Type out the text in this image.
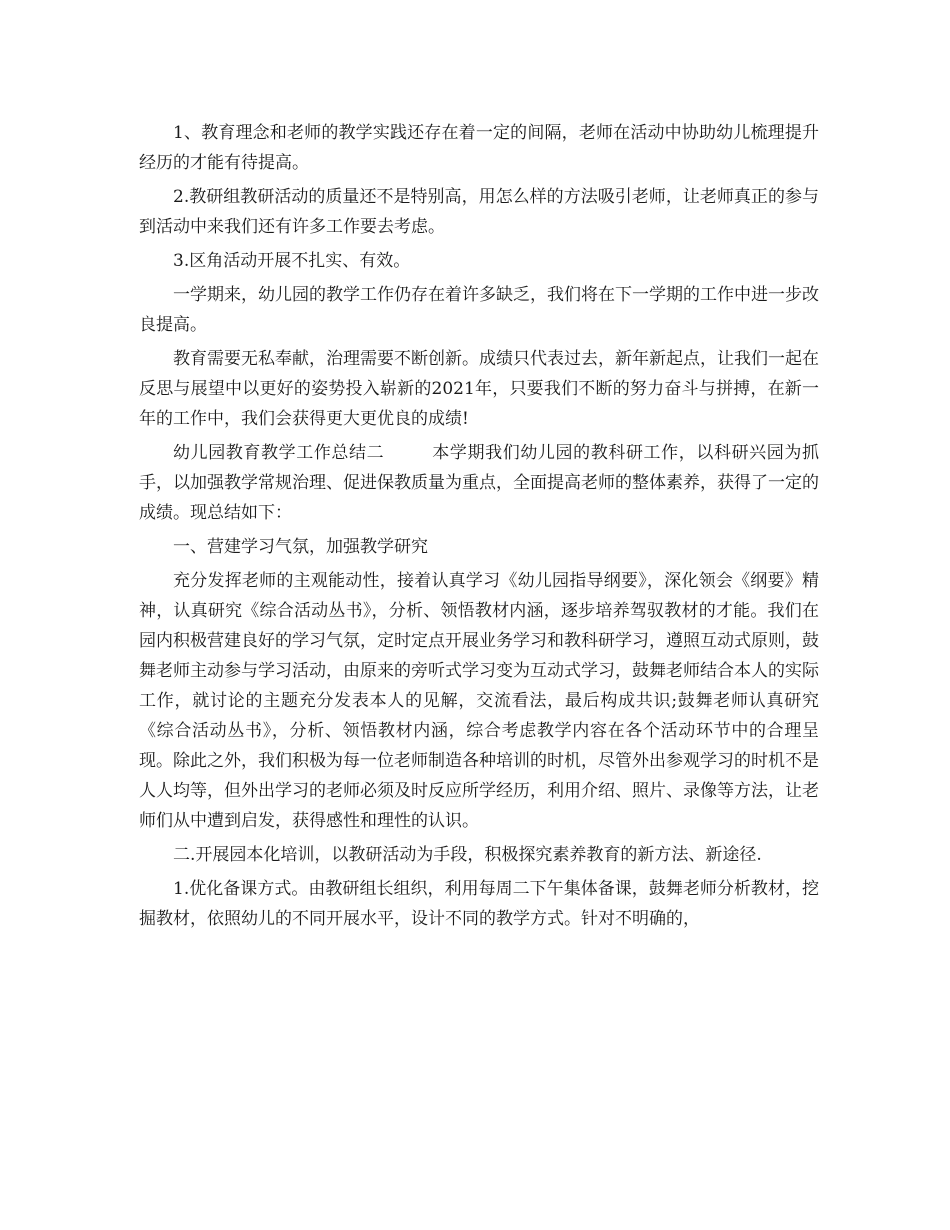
1、教育理念和老师的教学实践还存在着一定的间隔，老师在活动中协助幼儿梳理提升经历的才能有待提高。

2.教研组教研活动的质量还不是特别高，用怎么样的方法吸引老师，让老师真正的参与到活动中来我们还有许多工作要去考虑。

3.区角活动开展不扎实、有效。

一学期来，幼儿园的教学工作仍存在着许多缺乏，我们将在下一学期的工作中进一步改良提高。

教育需要无私奉献，治理需要不断创新。成绩只代表过去，新年新起点，让我们一起在反思与展望中以更好的姿势投入崭新的2021年，只要我们不断的努力奋斗与拼搏，在新一年的工作中，我们会获得更大更优良的成绩!

幼儿园教育教学工作总结二        本学期我们幼儿园的教科研工作，以科研兴园为抓手，以加强教学常规治理、促进保教质量为重点，全面提高老师的整体素养，获得了一定的成绩。现总结如下：

一、营建学习气氛，加强教学研究

充分发挥老师的主观能动性，接着认真学习《幼儿园指导纲要》，深化领会《纲要》精神，认真研究《综合活动丛书》，分析、领悟教材内涵，逐步培养驾驭教材的才能。我们在园内积极营建良好的学习气氛，定时定点开展业务学习和教科研学习，遵照互动式原则，鼓舞老师主动参与学习活动，由原来的旁听式学习变为互动式学习，鼓舞老师结合本人的实际工作，就讨论的主题充分发表本人的见解，交流看法，最后构成共识;鼓舞老师认真研究《综合活动丛书》，分析、领悟教材内涵，综合考虑教学内容在各个活动环节中的合理呈现。除此之外，我们积极为每一位老师制造各种培训的时机，尽管外出参观学习的时机不是人人均等，但外出学习的老师必须及时反应所学经历，利用介绍、照片、录像等方法，让老师们从中遭到启发，获得感性和理性的认识。

二.开展园本化培训，以教研活动为手段，积极探究素养教育的新方法、新途径.

1.优化备课方式。由教研组长组织，利用每周二下午集体备课，鼓舞老师分析教材，挖掘教材，依照幼儿的不同开展水平，设计不同的教学方式。针对不明确的，
